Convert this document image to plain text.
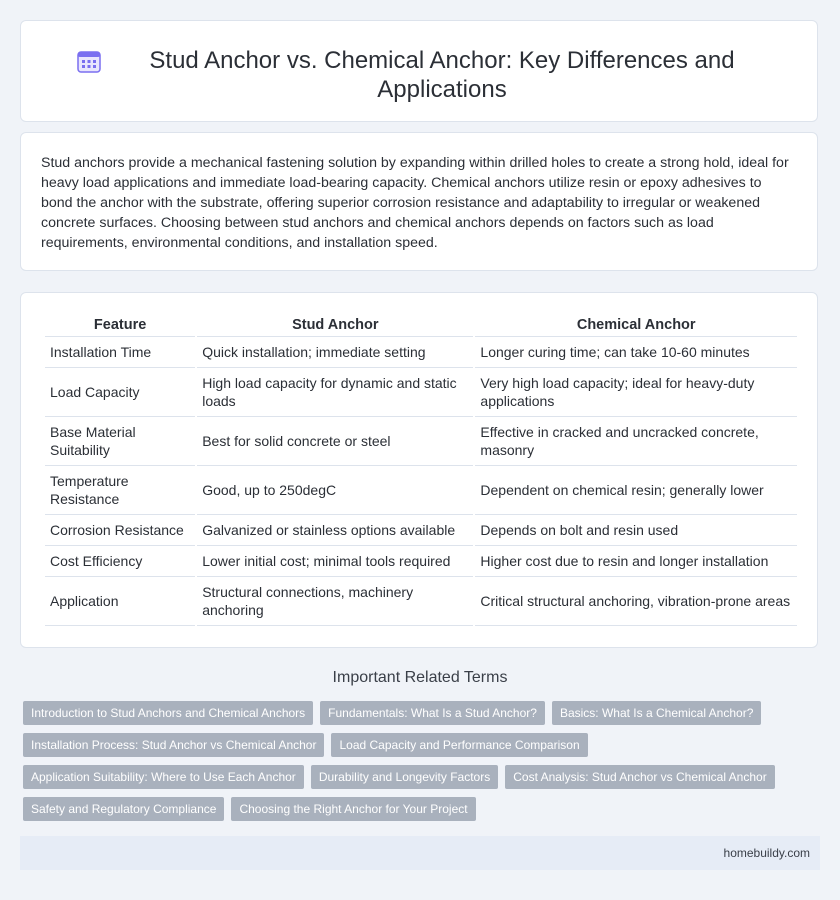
Stud Anchor vs. Chemical Anchor: Key Differences and Applications

Stud anchors provide a mechanical fastening solution by expanding within drilled holes to create a strong hold, ideal for heavy load applications and immediate load-bearing capacity. Chemical anchors utilize resin or epoxy adhesives to bond the anchor with the substrate, offering superior corrosion resistance and adaptability to irregular or weakened concrete surfaces. Choosing between stud anchors and chemical anchors depends on factors such as load requirements, environmental conditions, and installation speed.

Feature	Stud Anchor	Chemical Anchor
Installation Time	Quick installation; immediate setting	Longer curing time; can take 10-60 minutes
Load Capacity	High load capacity for dynamic and static loads	Very high load capacity; ideal for heavy-duty applications
Base Material Suitability	Best for solid concrete or steel	Effective in cracked and uncracked concrete, masonry
Temperature Resistance	Good, up to 250degC	Dependent on chemical resin; generally lower
Corrosion Resistance	Galvanized or stainless options available	Depends on bolt and resin used
Cost Efficiency	Lower initial cost; minimal tools required	Higher cost due to resin and longer installation
Application	Structural connections, machinery anchoring	Critical structural anchoring, vibration-prone areas
Important Related Terms
Introduction to Stud Anchors and Chemical Anchors	Fundamentals: What Is a Stud Anchor?	Basics: What Is a Chemical Anchor?
Installation Process: Stud Anchor vs Chemical Anchor	Load Capacity and Performance Comparison
Application Suitability: Where to Use Each Anchor	Durability and Longevity Factors	Cost Analysis: Stud Anchor vs Chemical Anchor
Safety and Regulatory Compliance	Choosing the Right Anchor for Your Project
homebuildy.com
